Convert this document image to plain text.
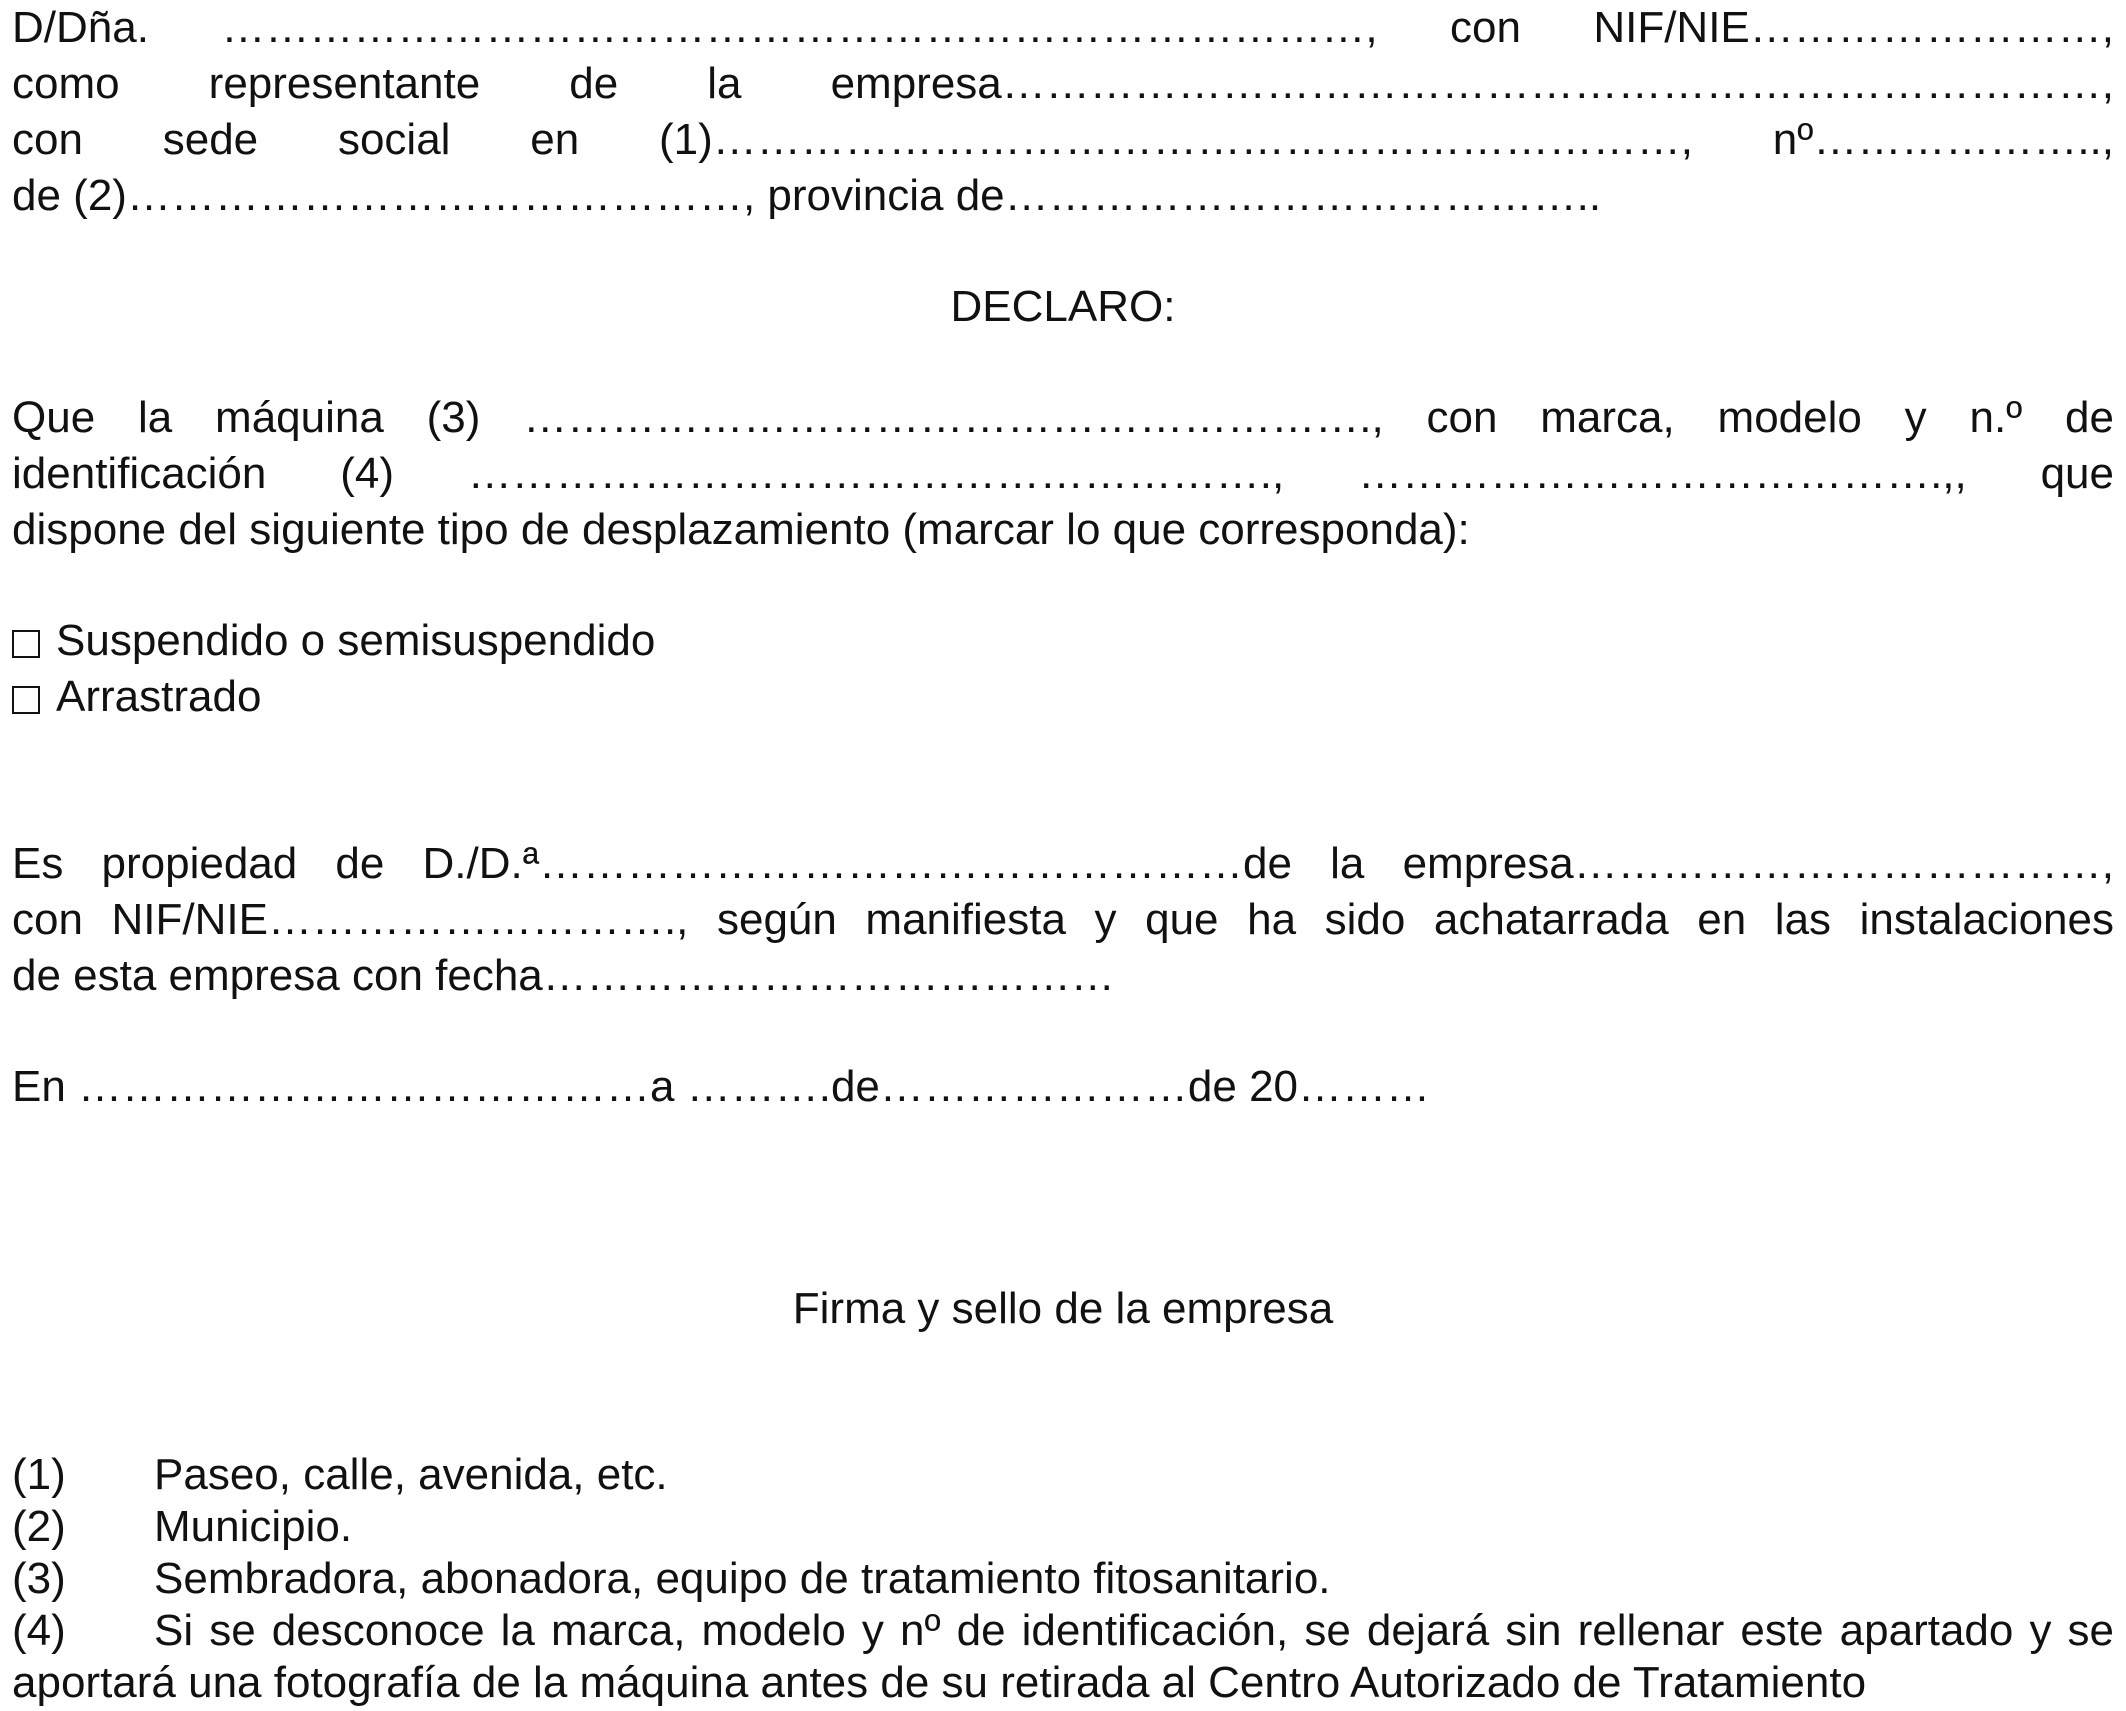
D/Dña. ……………………………………………………………………, con NIF/NIE……………………,
como representante de la empresa…………………………………………………………………,
con sede social en (1)…………………………………………………………, nº………………..,
de (2)……………………………………, provincia de…………………………………..
DECLARO:
Que la máquina (3) …………………………………………………., con marca, modelo y n.º de
identificación (4) ………………………………………………., ………………………………….,, que
dispone del siguiente tipo de desplazamiento (marcar lo que corresponda):
Suspendido o semisuspendido
Arrastrado
Es propiedad de D./D.ª…………………………………………de la empresa………………………………,
con NIF/NIE………………………., según manifiesta y que ha sido achatarrada en las instalaciones
de esta empresa con fecha…………………………………
En …………………………………a ……….de…………………de 20………
Firma y sello de la empresa
(1) Paseo, calle, avenida, etc.
(2) Municipio.
(3) Sembradora, abonadora, equipo de tratamiento fitosanitario.
(4) Si se desconoce la marca, modelo y nº de identificación, se dejará sin rellenar este apartado y se
aportará una fotografía de la máquina antes de su retirada al Centro Autorizado de Tratamiento
